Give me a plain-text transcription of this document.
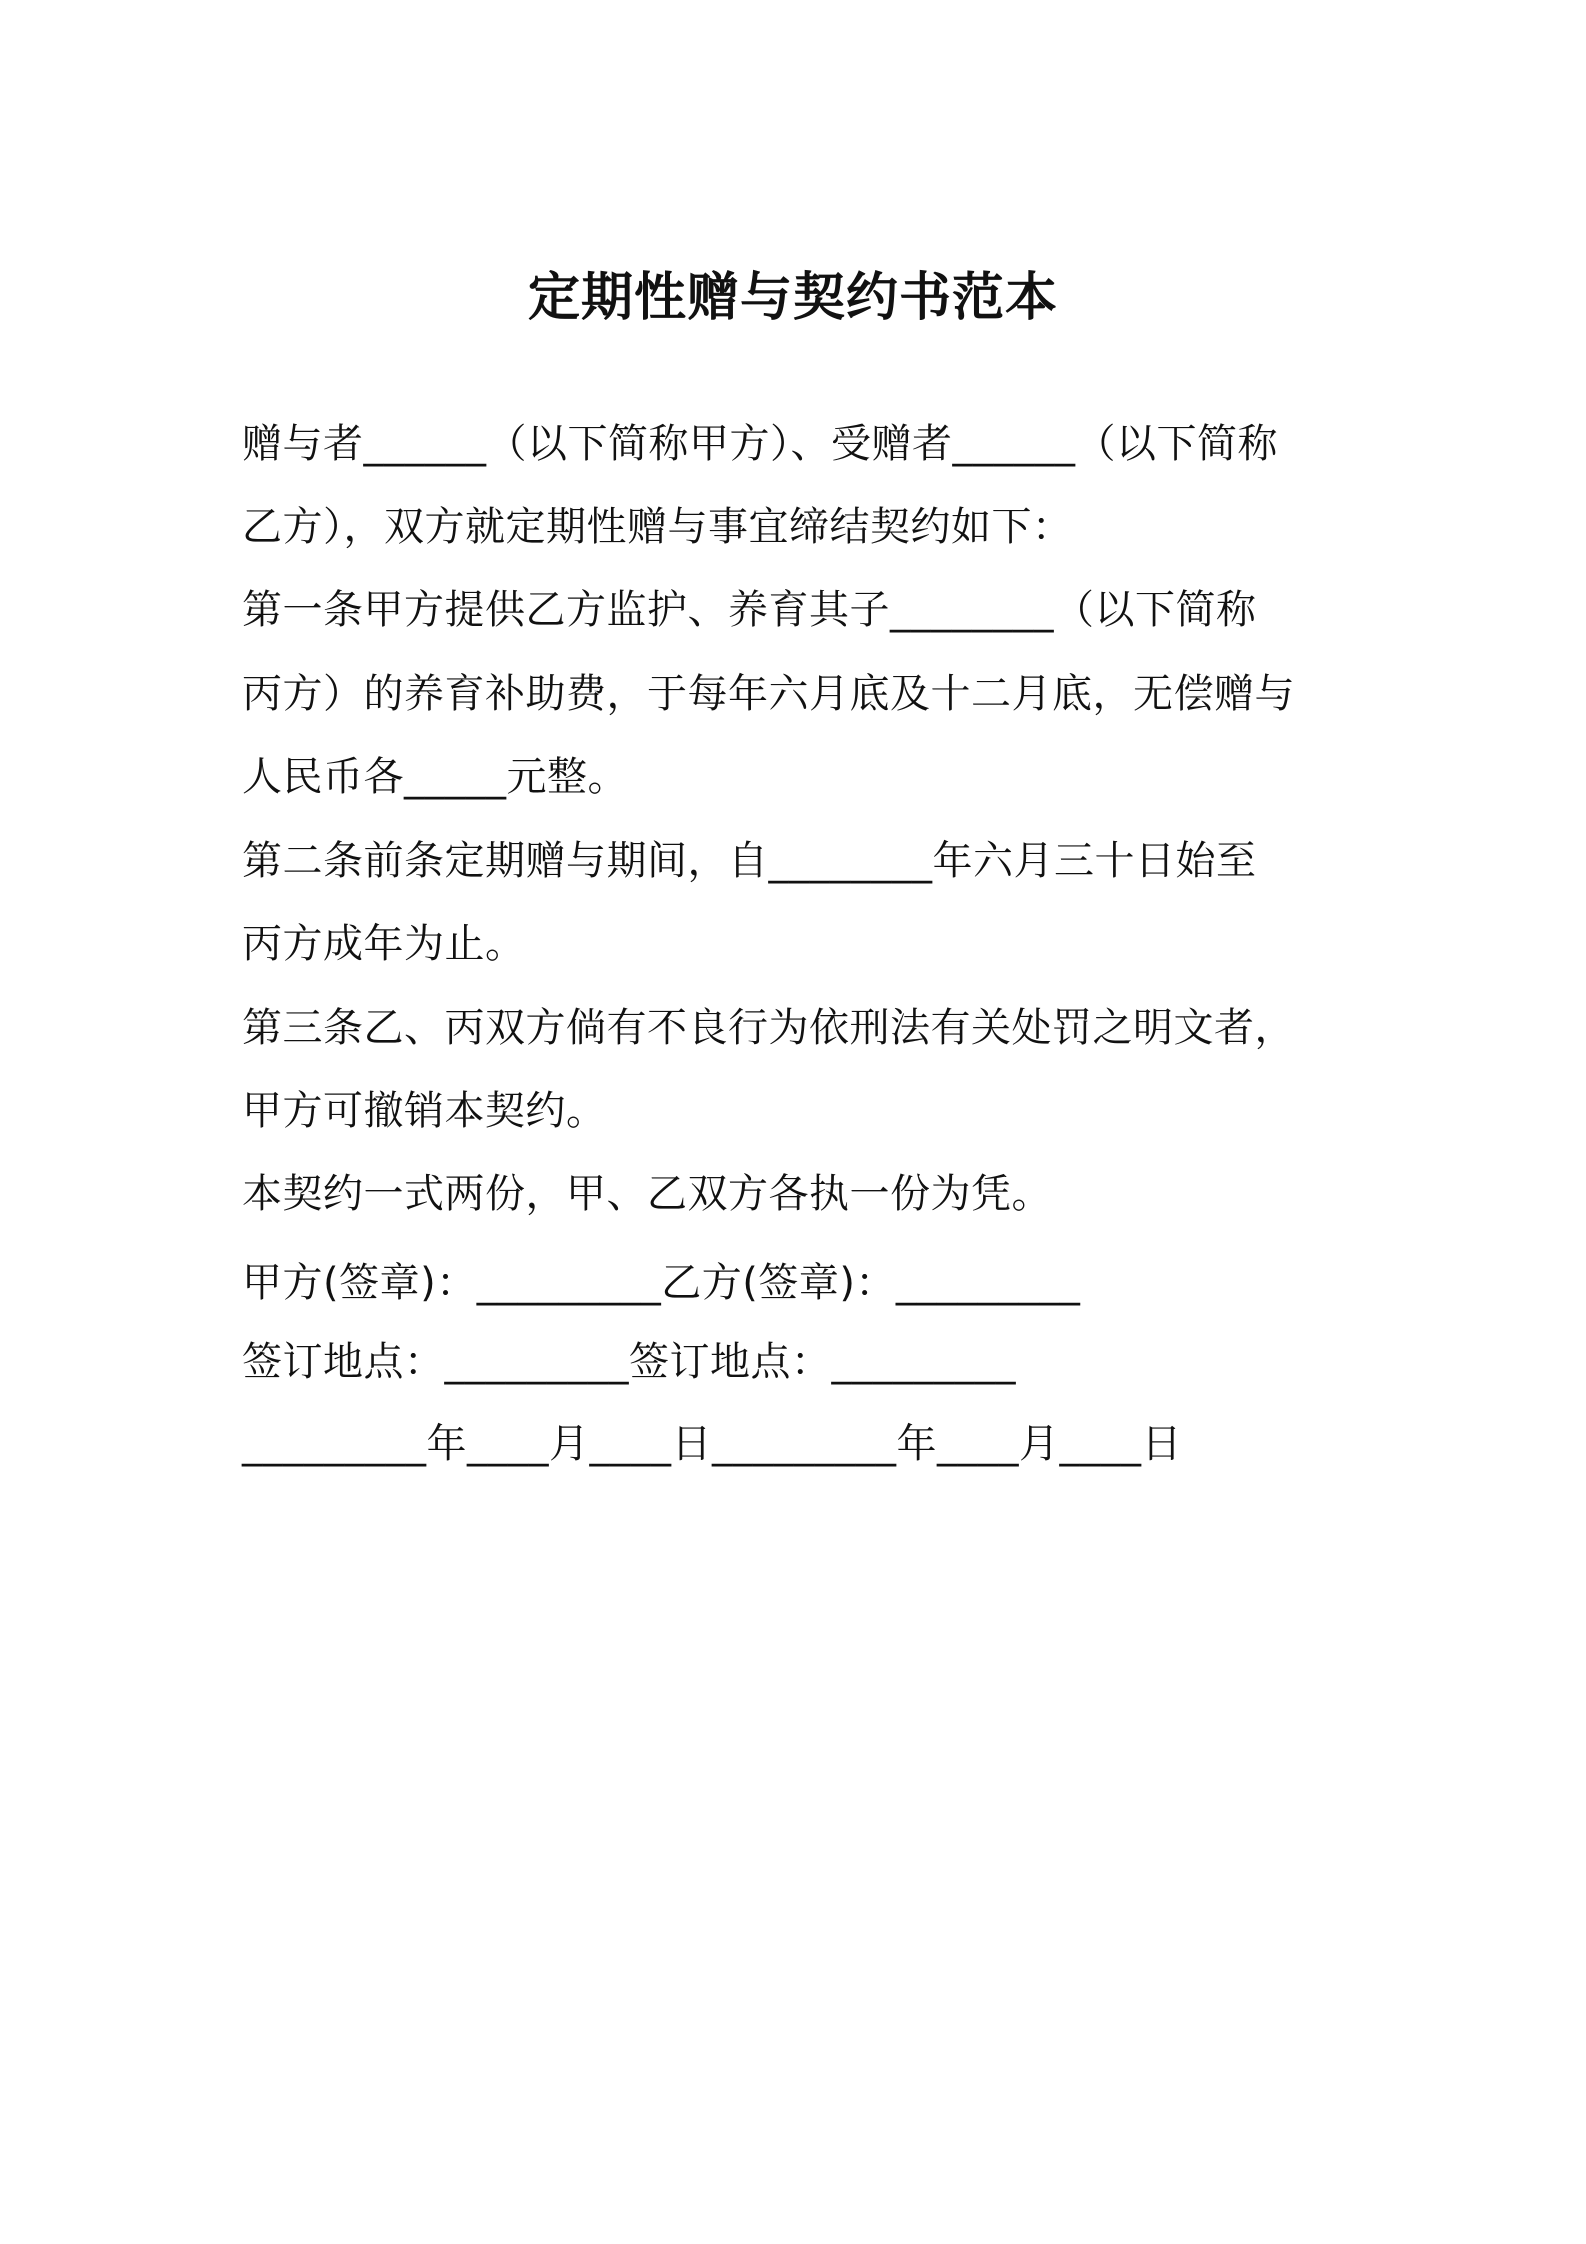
定期性赠与契约书范本
赠与者______（以下简称甲方）、受赠者______（以下简称
乙方），双方就定期性赠与事宜缔结契约如下：
第一条甲方提供乙方监护、养育其子________（以下简称
丙方）的养育补助费，于每年六月底及十二月底，无偿赠与
人民币各_____元整。
第二条前条定期赠与期间，自________年六月三十日始至
丙方成年为止。
第三条乙、丙双方倘有不良行为依刑法有关处罚之明文者，
甲方可撤销本契约。
本契约一式两份，甲、乙双方各执一份为凭。
甲方(签章)：_________乙方(签章)：_________
签订地点：_________签订地点：_________
_________年____月____日_________年____月____日
